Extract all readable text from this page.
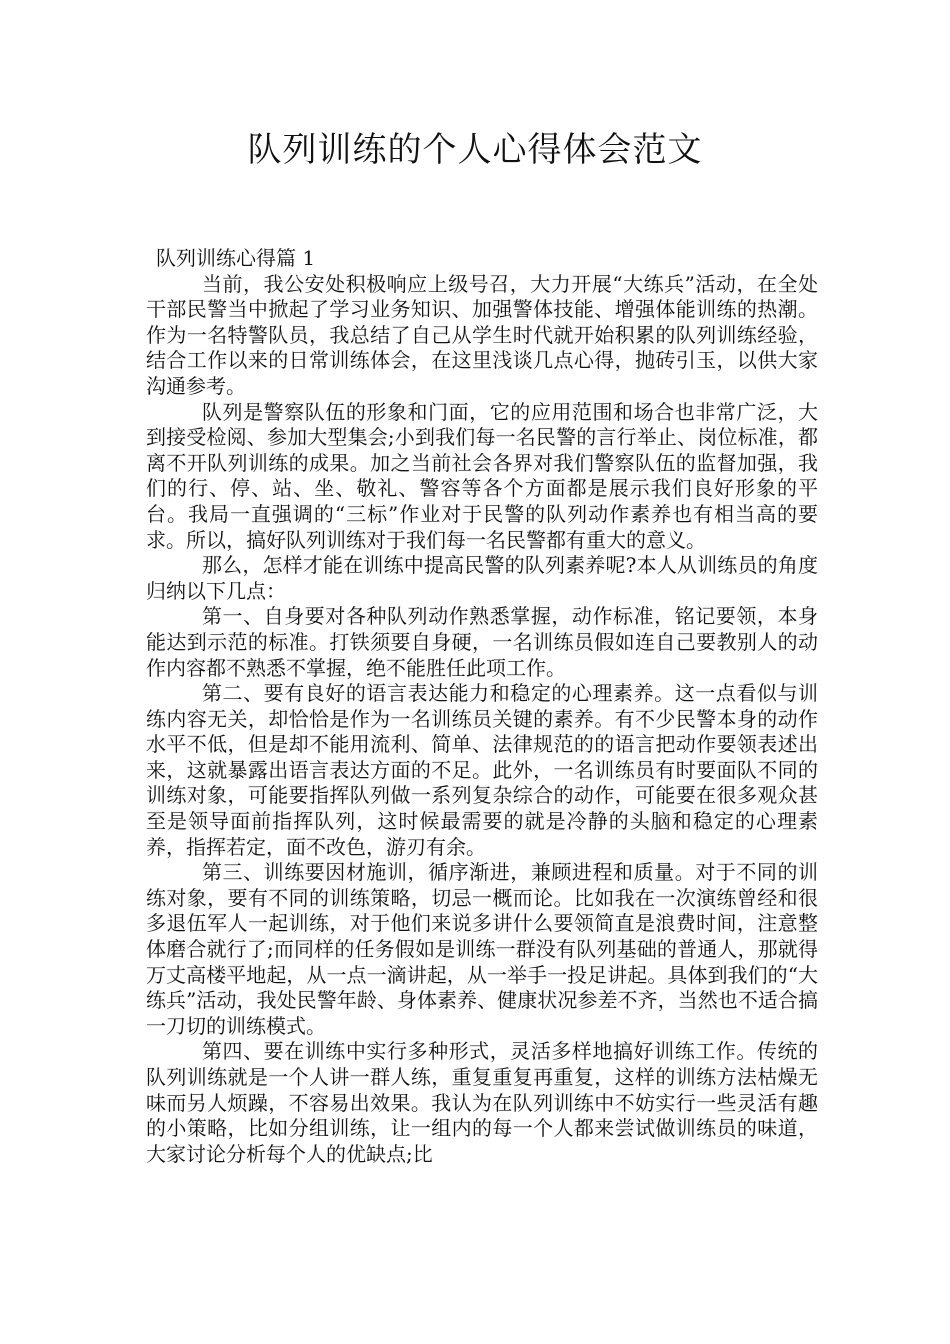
队列训练的个人心得体会范文

队列训练心得篇 1

当前，我公安处积极响应上级号召，大力开展“大练兵”活动，在全处干部民警当中掀起了学习业务知识、加强警体技能、增强体能训练的热潮。作为一名特警队员，我总结了自己从学生时代就开始积累的队列训练经验，结合工作以来的日常训练体会，在这里浅谈几点心得，抛砖引玉，以供大家沟通参考。

队列是警察队伍的形象和门面，它的应用范围和场合也非常广泛，大到接受检阅、参加大型集会;小到我们每一名民警的言行举止、岗位标准，都离不开队列训练的成果。加之当前社会各界对我们警察队伍的监督加强，我们的行、停、站、坐、敬礼、警容等各个方面都是展示我们良好形象的平台。我局一直强调的“三标”作业对于民警的队列动作素养也有相当高的要求。所以，搞好队列训练对于我们每一名民警都有重大的意义。

那么，怎样才能在训练中提高民警的队列素养呢?本人从训练员的角度归纳以下几点：

第一、自身要对各种队列动作熟悉掌握，动作标准，铭记要领，本身能达到示范的标准。打铁须要自身硬，一名训练员假如连自己要教别人的动作内容都不熟悉不掌握，绝不能胜任此项工作。

第二、要有良好的语言表达能力和稳定的心理素养。这一点看似与训练内容无关，却恰恰是作为一名训练员关键的素养。有不少民警本身的动作水平不低，但是却不能用流利、简单、法律规范的的语言把动作要领表述出来，这就暴露出语言表达方面的不足。此外，一名训练员有时要面队不同的训练对象，可能要指挥队列做一系列复杂综合的动作，可能要在很多观众甚至是领导面前指挥队列，这时候最需要的就是冷静的头脑和稳定的心理素养，指挥若定，面不改色，游刃有余。

第三、训练要因材施训，循序渐进，兼顾进程和质量。对于不同的训练对象，要有不同的训练策略，切忌一概而论。比如我在一次演练曾经和很多退伍军人一起训练，对于他们来说多讲什么要领简直是浪费时间，注意整体磨合就行了;而同样的任务假如是训练一群没有队列基础的普通人，那就得万丈高楼平地起，从一点一滴讲起，从一举手一投足讲起。具体到我们的“大练兵”活动，我处民警年龄、身体素养、健康状况参差不齐，当然也不适合搞一刀切的训练模式。

第四、要在训练中实行多种形式，灵活多样地搞好训练工作。传统的队列训练就是一个人讲一群人练，重复重复再重复，这样的训练方法枯燥无味而另人烦躁，不容易出效果。我认为在队列训练中不妨实行一些灵活有趣的小策略，比如分组训练，让一组内的每一个人都来尝试做训练员的味道，大家讨论分析每个人的优缺点;比
